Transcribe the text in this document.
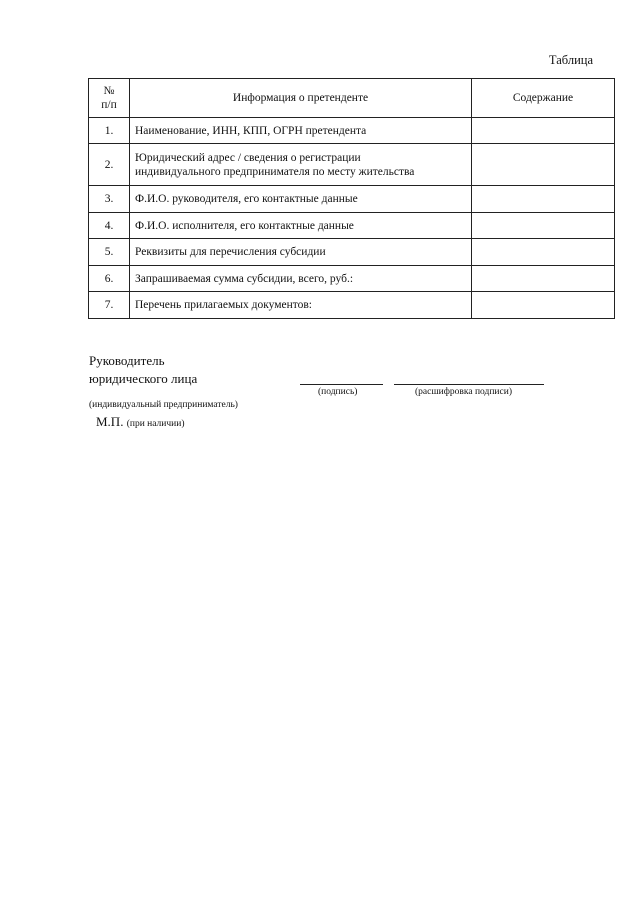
Таблица
№
п/п	Информация о претенденте	Содержание
1.	Наименование, ИНН, КПП, ОГРН претендента	
2.	Юридический адрес / сведения о регистрации
индивидуального предпринимателя по месту жительства	
3.	Ф.И.О. руководителя, его контактные данные	
4.	Ф.И.О. исполнителя, его контактные данные	
5.	Реквизиты для перечисления субсидии	
6.	Запрашиваемая сумма субсидии, всего, руб.:	
7.	Перечень прилагаемых документов:	
Руководитель
юридического лица
(подпись)	(расшифровка подписи)
(индивидуальный предприниматель)
М.П. (при наличии)
